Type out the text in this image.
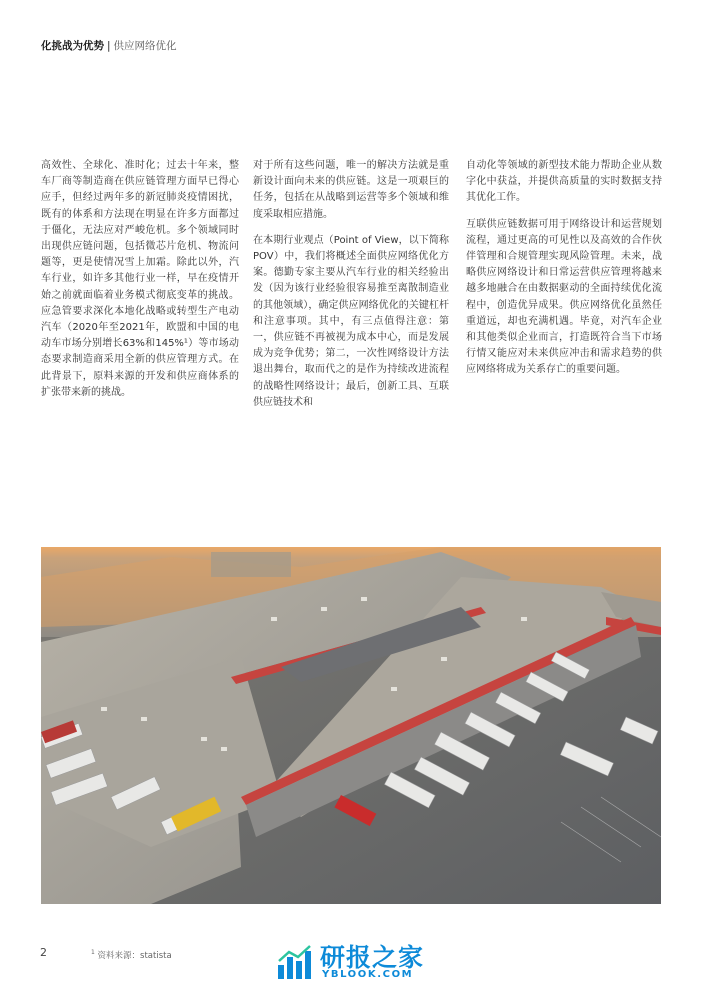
化挑战为优势 | 供应网络优化

高效性、全球化、准时化；过去十年来，整车厂商等制造商在供应链管理方面早已得心应手，但经过两年多的新冠肺炎疫情困扰，既有的体系和方法现在明显在许多方面都过于僵化，无法应对严峻危机。多个领域同时出现供应链问题，包括微芯片危机、物流问题等，更是使情况雪上加霜。除此以外，汽车行业，如许多其他行业一样，早在疫情开始之前就面临着业务模式彻底变革的挑战。应急管要求深化本地化战略或转型生产电动汽车（2020年至2021年，欧盟和中国的电动车市场分别增长63%和145%¹）等市场动态要求制造商采用全新的供应管理方式。在此背景下，原料来源的开发和供应商体系的扩张带来新的挑战。

对于所有这些问题，唯一的解决方法就是重新设计面向未来的供应链。这是一项艰巨的任务，包括在从战略到运营等多个领域和维度采取相应措施。

在本期行业观点（Point of View，以下简称POV）中，我们将概述全面供应网络优化方案。德勤专家主要从汽车行业的相关经验出发（因为该行业经验很容易推至离散制造业的其他领域），确定供应网络优化的关键杠杆和注意事项。其中，有三点值得注意：第一，供应链不再被视为成本中心，而是发展成为竞争优势；第二，一次性网络设计方法退出舞台，取而代之的是作为持续改进流程的战略性网络设计；最后，创新工具、互联供应链技术和

自动化等领域的新型技术能力帮助企业从数字化中获益，并提供高质量的实时数据支持其优化工作。

互联供应链数据可用于网络设计和运营规划流程，通过更高的可见性以及高效的合作伙伴管理和合规管理实现风险管理。未来，战略供应网络设计和日常运营供应管理将越来越多地融合在由数据驱动的全面持续优化流程中，创造优异成果。供应网络优化虽然任重道远，却也充满机遇。毕竟，对汽车企业和其他类似企业而言，打造既符合当下市场行情又能应对未来供应冲击和需求趋势的供应网络将成为关系存亡的重要问题。

2	$^1$ 资料来源：statista	研报之家
YBLOOK.COM
